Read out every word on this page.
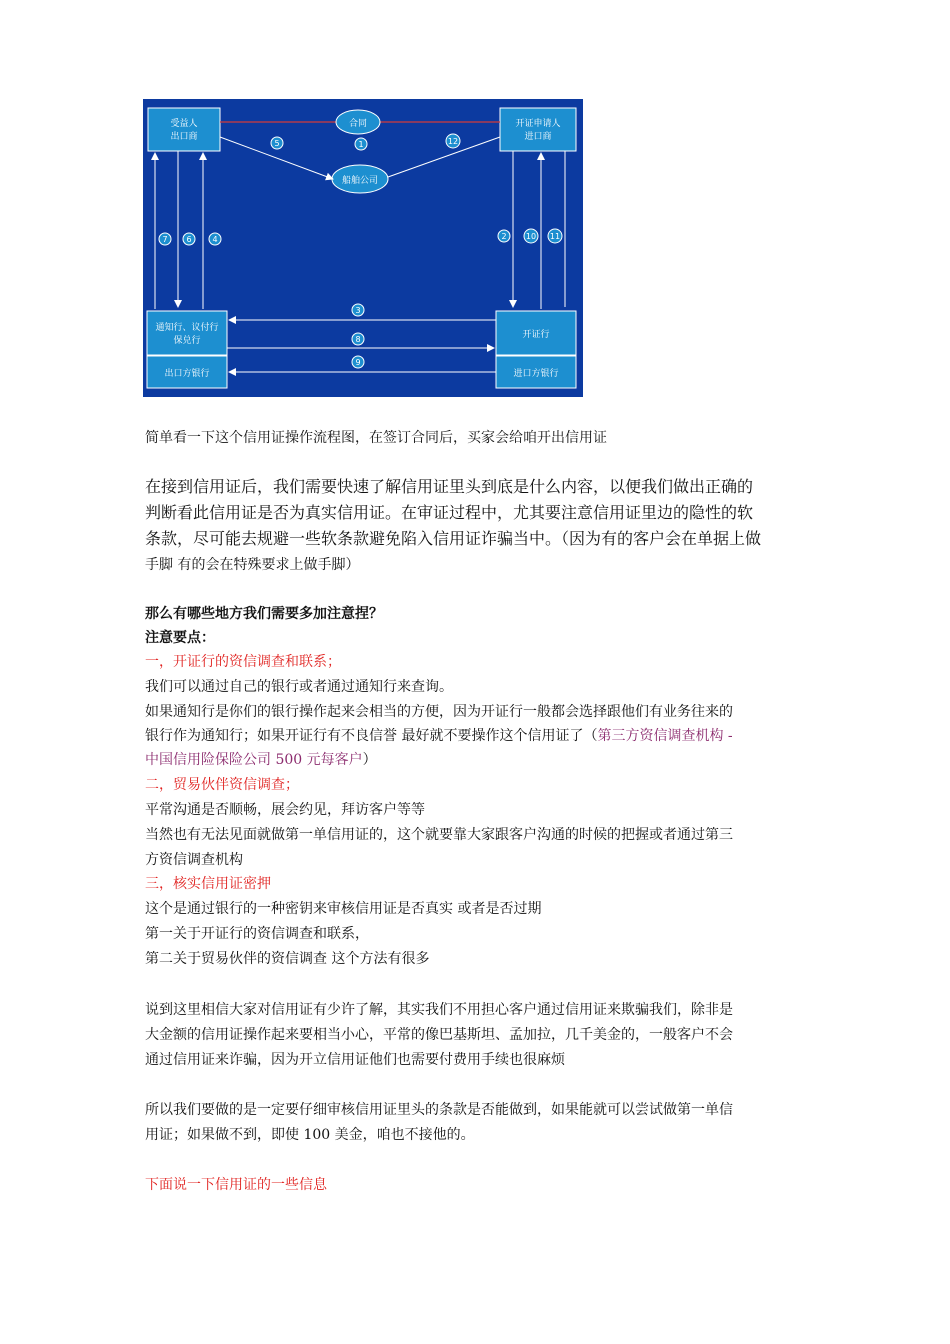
受益人
出口商
开证申请人
进口商
合同
船舶公司
通知行、议付行
保兑行
出口方银行
开证行
进口方银行
1
5	12
7 6	4	2 10 11
3
8
9
简单看一下这个信用证操作流程图，在签订合同后，买家会给咱开出信用证
在接到信用证后，我们需要快速了解信用证里头到底是什么内容，以便我们做出正确的
判断看此信用证是否为真实信用证。在审证过程中，尤其要注意信用证里边的隐性的软
条款，尽可能去规避一些软条款避免陷入信用证诈骗当中。（因为有的客户会在单据上做
手脚 有的会在特殊要求上做手脚）
那么有哪些地方我们需要多加注意捏？
注意要点：
一，开证行的资信调查和联系；
我们可以通过自己的银行或者通过通知行来查询。
如果通知行是你们的银行操作起来会相当的方便，因为开证行一般都会选择跟他们有业务往来的
银行作为通知行；如果开证行有不良信誉 最好就不要操作这个信用证了（第三方资信调查机构 -
中国信用险保险公司 500 元每客户）
二，贸易伙伴资信调查；
平常沟通是否顺畅，展会约见，拜访客户等等
当然也有无法见面就做第一单信用证的，这个就要靠大家跟客户沟通的时候的把握或者通过第三
方资信调查机构
三，核实信用证密押
这个是通过银行的一种密钥来审核信用证是否真实 或者是否过期
第一关于开证行的资信调查和联系，
第二关于贸易伙伴的资信调查 这个方法有很多
说到这里相信大家对信用证有少许了解，其实我们不用担心客户通过信用证来欺骗我们，除非是
大金额的信用证操作起来要相当小心，平常的像巴基斯坦、孟加拉，几千美金的，一般客户不会
通过信用证来诈骗，因为开立信用证他们也需要付费用手续也很麻烦
所以我们要做的是一定要仔细审核信用证里头的条款是否能做到，如果能就可以尝试做第一单信
用证；如果做不到，即使 100 美金，咱也不接他的。
下面说一下信用证的一些信息
